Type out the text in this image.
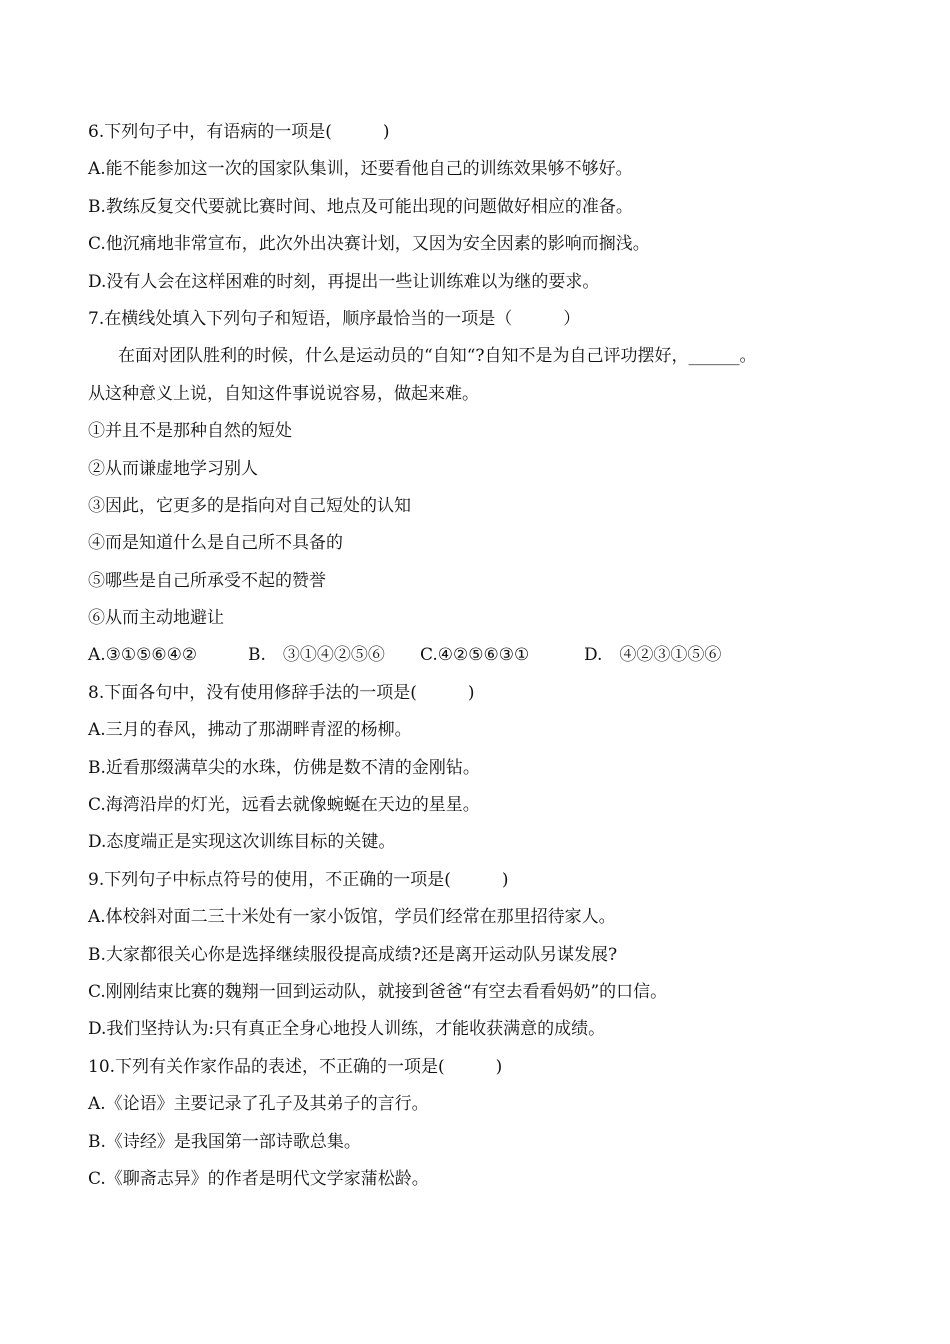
6.下列句子中，有语病的一项是(　　　)
A.能不能参加这一次的国家队集训，还要看他自己的训练效果够不够好。
B.教练反复交代要就比赛时间、地点及可能出现的问题做好相应的准备。
C.他沉痛地非常宣布，此次外出决赛计划，又因为安全因素的影响而搁浅。
D.没有人会在这样困难的时刻，再提出一些让训练难以为继的要求。
7.在横线处填入下列句子和短语，顺序最恰当的一项是（　　　）
在面对团队胜利的时候，什么是运动员的“自知“?自知不是为自己评功摆好，______。
从这种意义上说，自知这件事说说容易，做起来难。
①并且不是那种自然的短处
②从而谦虚地学习别人
③因此，它更多的是指向对自己短处的认知
④而是知道什么是自己所不具备的
⑤哪些是自己所承受不起的赞誉
⑥从而主动地避让
A.③①⑤⑥④②	B.　③①④②⑤⑥	C.④②⑤⑥③①	D.　④②③①⑤⑥
8.下面各句中，没有使用修辞手法的一项是(　　　)
A.三月的春风，拂动了那湖畔青涩的杨柳。
B.近看那缀满草尖的水珠，仿佛是数不清的金刚钻。
C.海湾沿岸的灯光，远看去就像蜿蜒在天边的星星。
D.态度端正是实现这次训练目标的关键。
9.下列句子中标点符号的使用，不正确的一项是(　　　)
A.体校斜对面二三十米处有一家小饭馆，学员们经常在那里招待家人。
B.大家都很关心你是选择继续服役提高成绩?还是离开运动队另谋发展?
C.刚刚结束比赛的魏翔一回到运动队，就接到爸爸“有空去看看妈奶”的口信。
D.我们坚持认为:只有真正全身心地投人训练，才能收获满意的成绩。
10.下列有关作家作品的表述，不正确的一项是(　　　)
A.《论语》主要记录了孔子及其弟子的言行。
B.《诗经》是我国第一部诗歌总集。
C.《聊斋志异》的作者是明代文学家蒲松龄。
